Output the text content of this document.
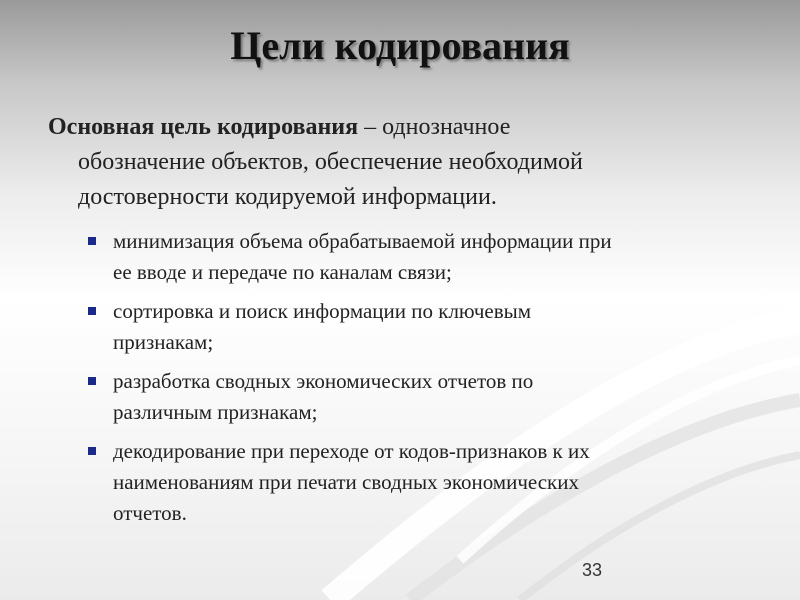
Цели кодирования
Основная цель кодирования – однозначное
обозначение объектов, обеспечение необходимой
достоверности кодируемой информации.
минимизация объема обрабатываемой информации при
ее вводе и передаче по каналам связи;
сортировка и поиск информации по ключевым
признакам;
разработка сводных экономических отчетов по
различным признакам;
декодирование при переходе от кодов-признаков к их
наименованиям при печати сводных экономических
отчетов.
33
